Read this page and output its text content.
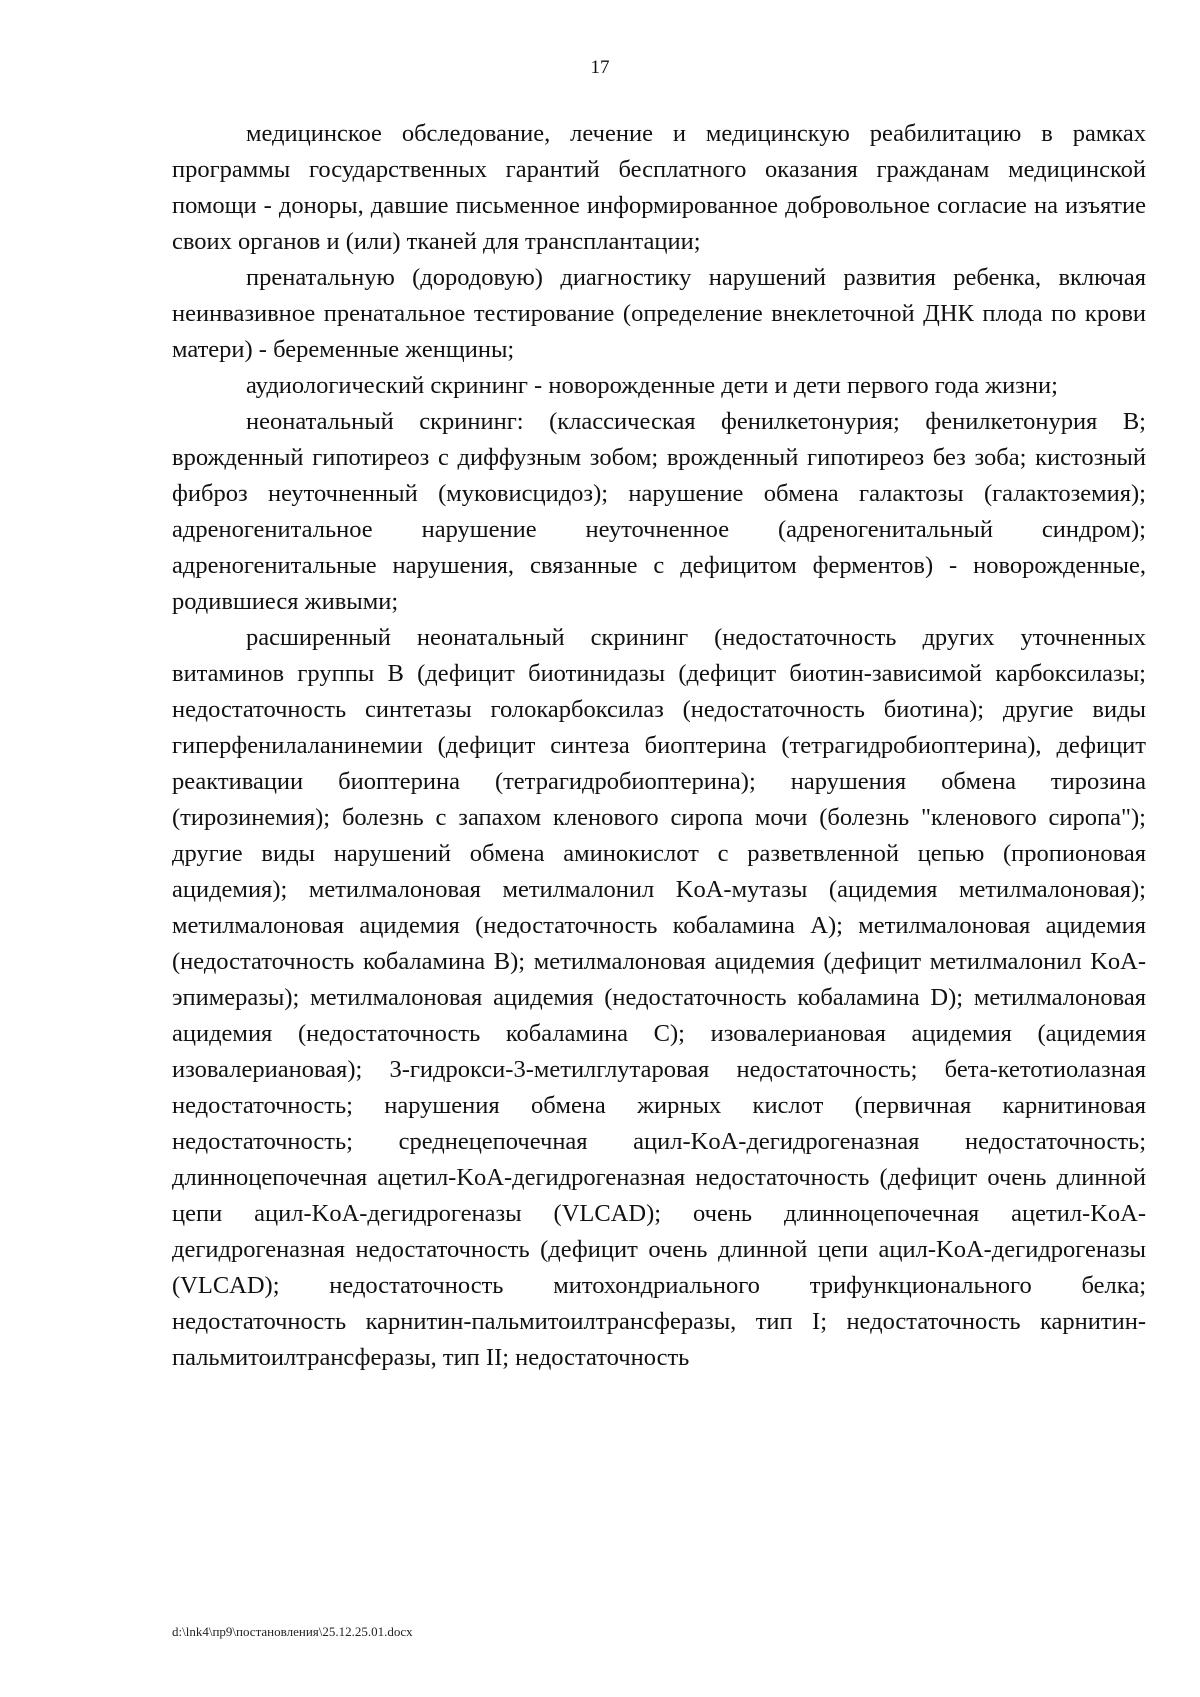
17

медицинское обследование, лечение и медицинскую реабилитацию в рамках программы государственных гарантий бесплатного оказания гражданам медицинской помощи - доноры, давшие письменное информированное добровольное согласие на изъятие своих органов и (или) тканей для трансплантации;

пренатальную (дородовую) диагностику нарушений развития ребенка, включая неинвазивное пренатальное тестирование (определение внеклеточной ДНК плода по крови матери) - беременные женщины;

аудиологический скрининг - новорожденные дети и дети первого года жизни;

неонатальный скрининг: (классическая фенилкетонурия; фенилкетонурия B; врожденный гипотиреоз с диффузным зобом; врожденный гипотиреоз без зоба; кистозный фиброз неуточненный (муковисцидоз); нарушение обмена галактозы (галактоземия); адреногенитальное нарушение неуточненное (адреногенитальный синдром); адреногенитальные нарушения, связанные с дефицитом ферментов) - новорожденные, родившиеся живыми;

расширенный неонатальный скрининг (недостаточность других уточненных витаминов группы B (дефицит биотинидазы (дефицит биотин-зависимой карбоксилазы; недостаточность синтетазы голокарбоксилаз (недостаточность биотина); другие виды гиперфенилаланинемии (дефицит синтеза биоптерина (тетрагидробиоптерина), дефицит реактивации биоптерина (тетрагидробиоптерина); нарушения обмена тирозина (тирозинемия); болезнь с запахом кленового сиропа мочи (болезнь "кленового сиропа"); другие виды нарушений обмена аминокислот с разветвленной цепью (пропионовая ацидемия); метилмалоновая метилмалонил KoA-мутазы (ацидемия метилмалоновая); метилмалоновая ацидемия (недостаточность кобаламина A); метилмалоновая ацидемия (недостаточность кобаламина B); метилмалоновая ацидемия (дефицит метилмалонил KoA-эпимеразы); метилмалоновая ацидемия (недостаточность кобаламина D); метилмалоновая ацидемия (недостаточность кобаламина C); изовалериановая ацидемия (ацидемия изовалериановая); 3-гидрокси-3-метилглутаровая недостаточность; бета-кетотиолазная недостаточность; нарушения обмена жирных кислот (первичная карнитиновая недостаточность; среднецепочечная ацил-KoA-дегидрогеназная недостаточность; длинноцепочечная ацетил-KoA-дегидрогеназная недостаточность (дефицит очень длинной цепи ацил-KoA-дегидрогеназы (VLCAD); очень длинноцепочечная ацетил-KoA-дегидрогеназная недостаточность (дефицит очень длинной цепи ацил-KoA-дегидрогеназы (VLCAD); недостаточность митохондриального трифункционального белка; недостаточность карнитин-пальмитоилтрансферазы, тип I; недостаточность карнитин-пальмитоилтрансферазы, тип II; недостаточность

d:\lnk4\пр9\постановления\25.12.25.01.docx
